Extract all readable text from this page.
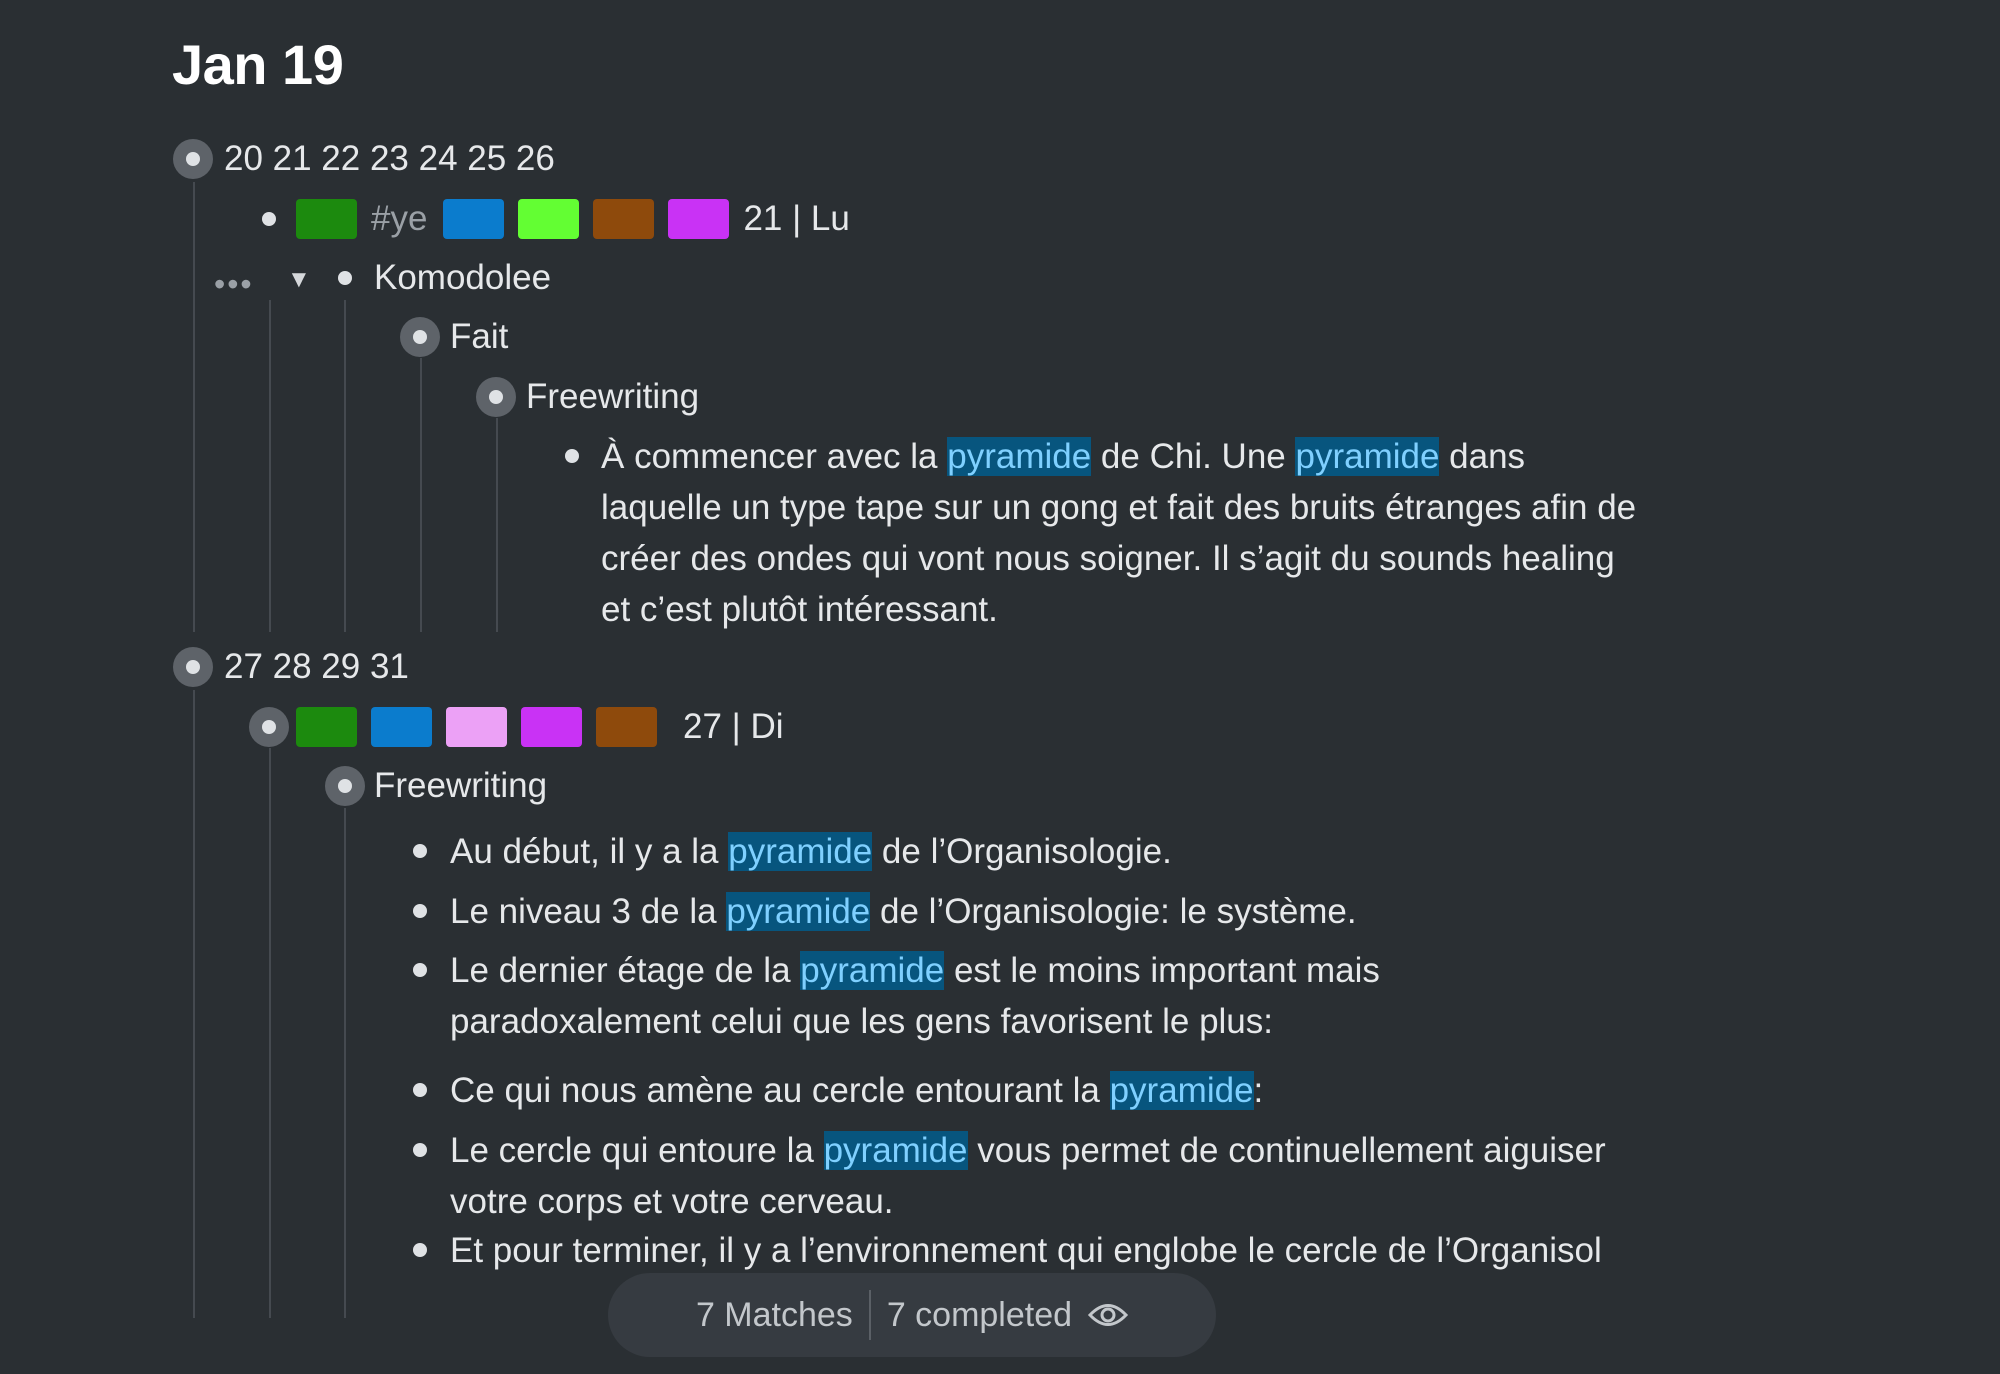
Jan 19
20 21 22 23 24 25 26
#ye	21 | Lu
••• ▼ Komodolee
Fait
Freewriting

À commencer avec la pyramide de Chi. Une pyramide dans laquelle un type tape sur un gong et fait des bruits étranges afin de créer des ondes qui vont nous soigner. Il s’agit du sounds healing et c’est plutôt intéressant.

27 28 29 31
27 | Di
Freewriting

Au début, il y a la pyramide de l’Organisologie.

Le niveau 3 de la pyramide de l’Organisologie: le système.

Le dernier étage de la pyramide est le moins important mais paradoxalement celui que les gens favorisent le plus:

Ce qui nous amène au cercle entourant la pyramide:

Le cercle qui entoure la pyramide vous permet de continuellement aiguiser votre corps et votre cerveau.

Et pour terminer, il y a l’environnement qui englobe le cercle de l’Organisol

7 Matches 7 completed
